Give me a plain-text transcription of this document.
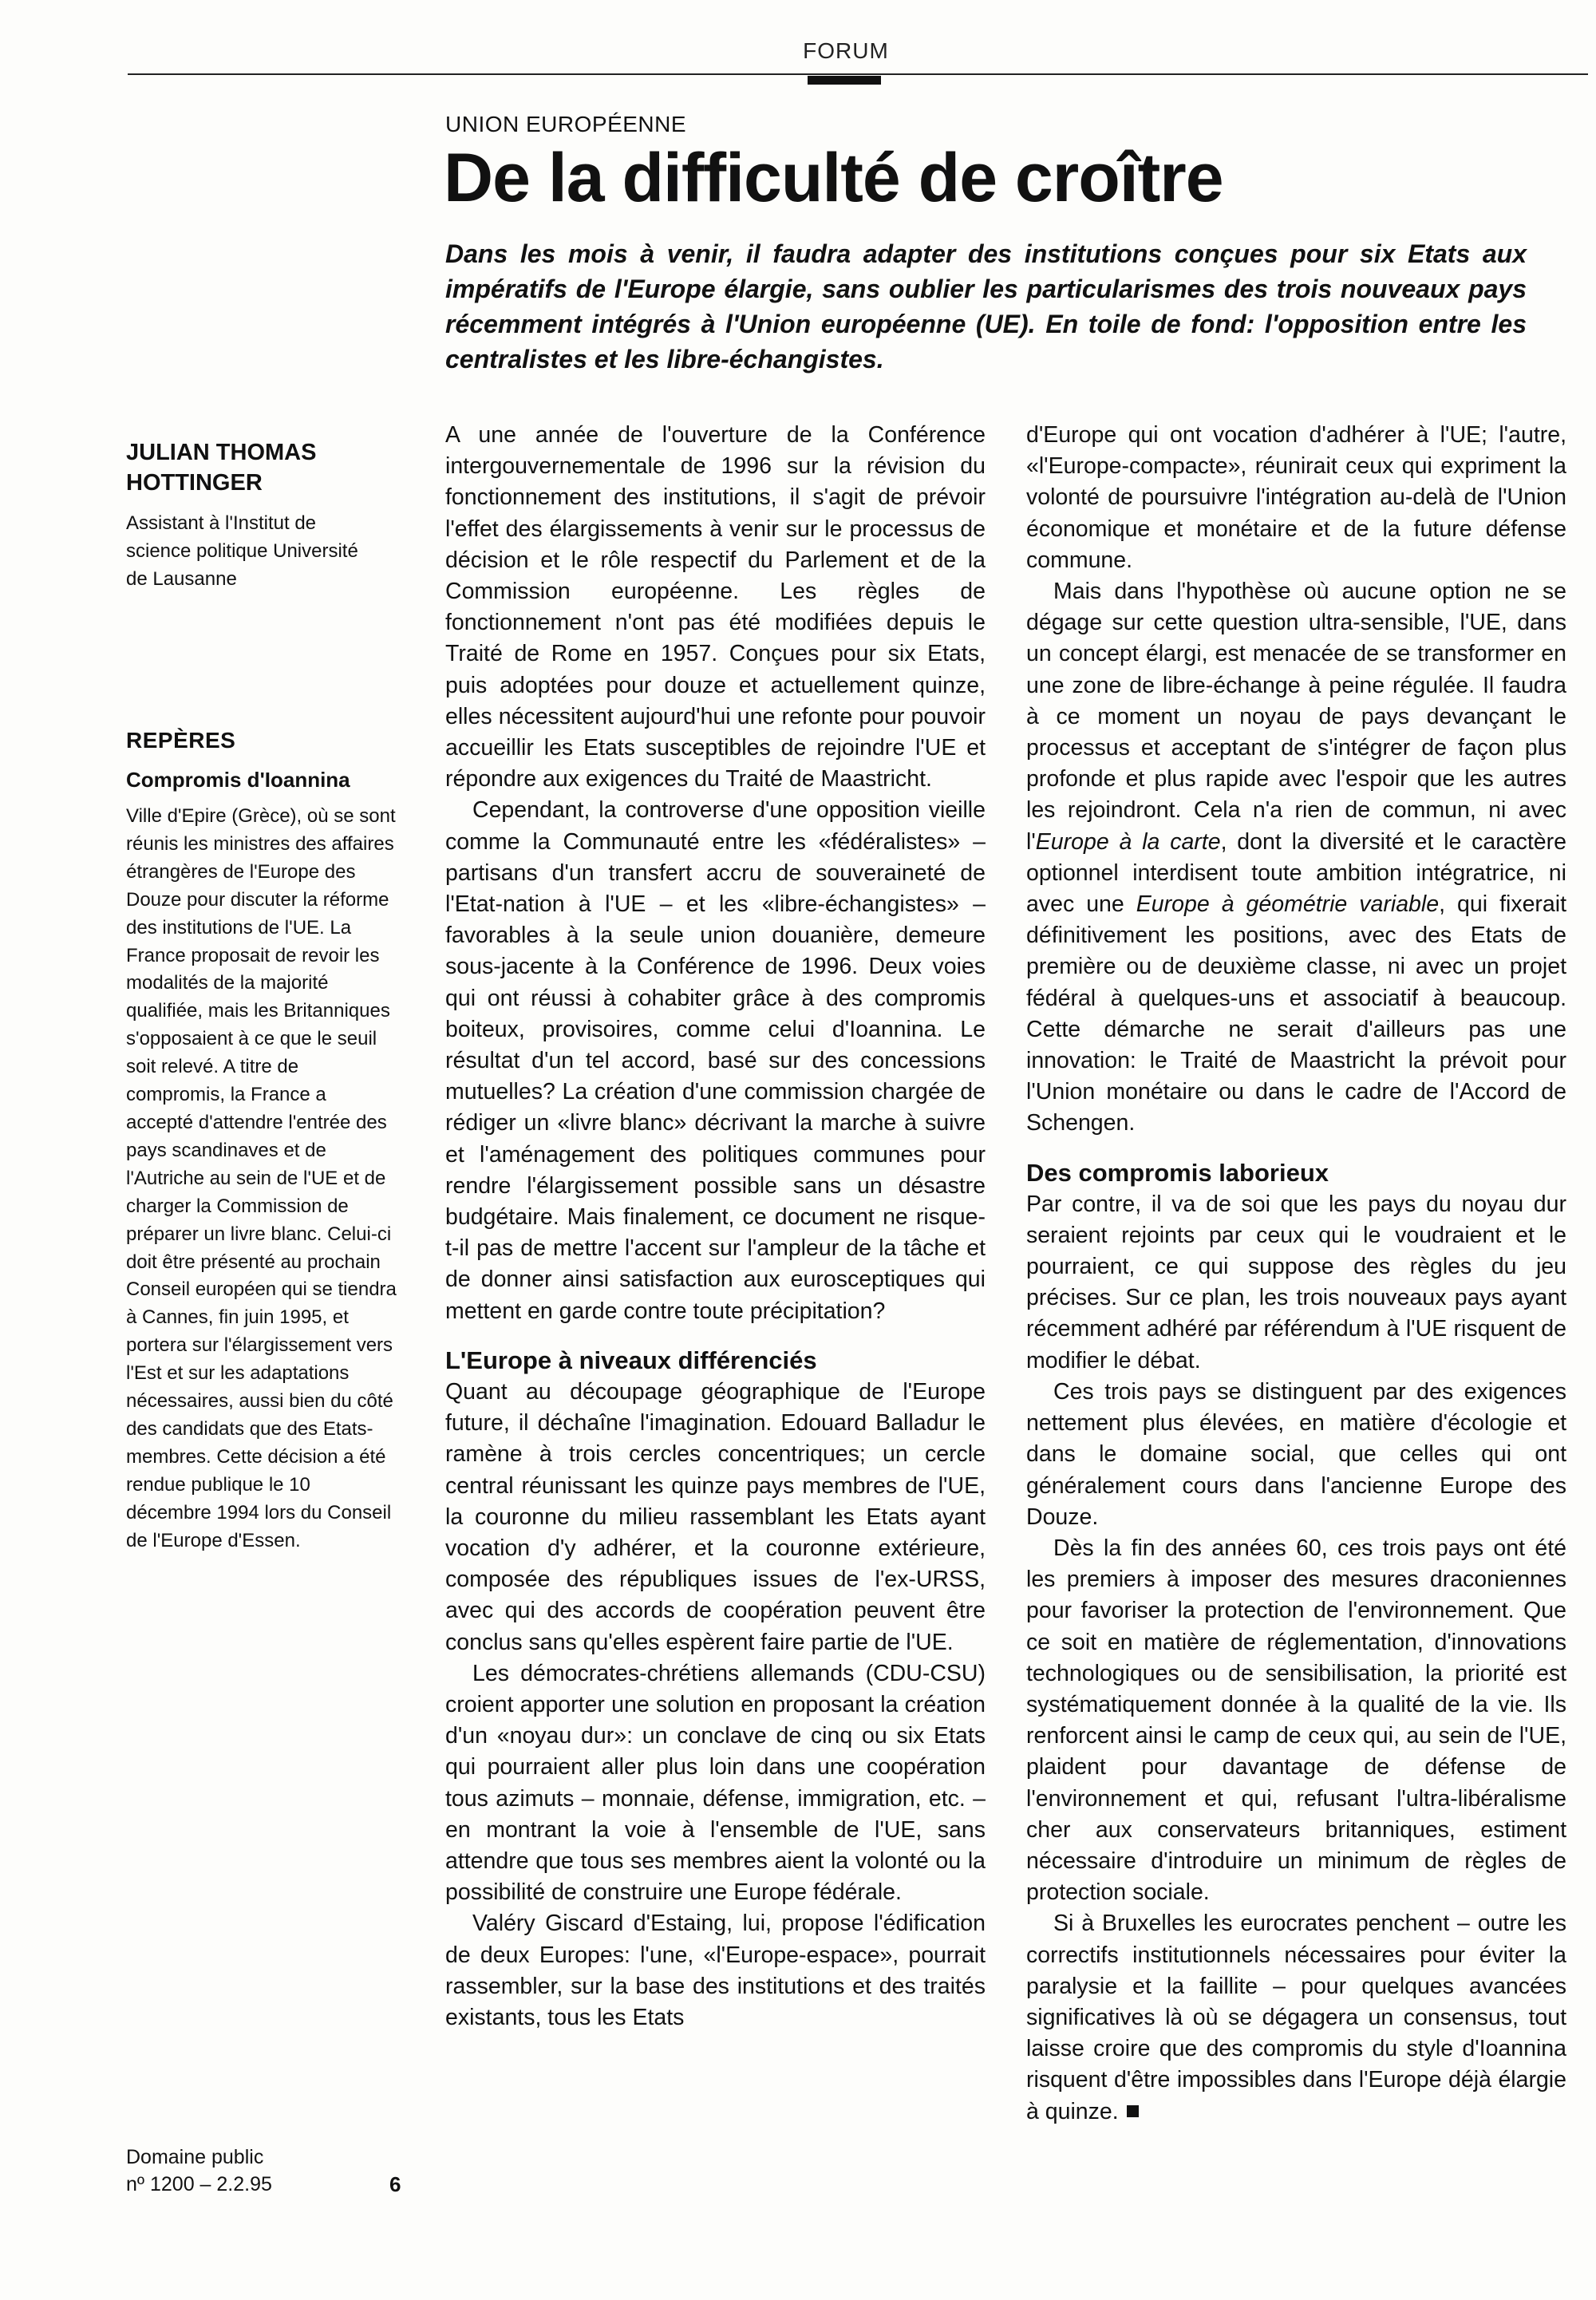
FORUM
UNION EUROPÉENNE
De la difficulté de croître

Dans les mois à venir, il faudra adapter des institutions conçues pour six Etats aux impératifs de l'Europe élargie, sans oublier les particularismes des trois nouveaux pays récemment intégrés à l'Union européenne (UE). En toile de fond: l'opposition entre les centralistes et les libre-échangistes.

JULIAN THOMAS HOTTINGER

Assistant à l'Institut de science politique Université de Lausanne

REPÈRES
Compromis d'Ioannina

Ville d'Epire (Grèce), où se sont réunis les ministres des affaires étrangères de l'Europe des Douze pour discuter la réforme des institutions de l'UE. La France proposait de revoir les modalités de la majorité qualifiée, mais les Britanniques s'opposaient à ce que le seuil soit relevé. A titre de compromis, la France a accepté d'attendre l'entrée des pays scandinaves et de l'Autriche au sein de l'UE et de charger la Commission de préparer un livre blanc. Celui-ci doit être présenté au prochain Conseil européen qui se tiendra à Cannes, fin juin 1995, et portera sur l'élargissement vers l'Est et sur les adaptations nécessaires, aussi bien du côté des candidats que des Etats-membres. Cette décision a été rendue publique le 10 décembre 1994 lors du Conseil de l'Europe d'Essen.

Domaine public

nº 1200 – 2.2.95	6

A une année de l'ouverture de la Conférence intergouvernementale de 1996 sur la révision du fonctionnement des institutions, il s'agit de prévoir l'effet des élargissements à venir sur le processus de décision et le rôle respectif du Parlement et de la Commission européenne. Les règles de fonctionnement n'ont pas été modifiées depuis le Traité de Rome en 1957. Conçues pour six Etats, puis adoptées pour douze et actuellement quinze, elles nécessitent aujourd'hui une refonte pour pouvoir accueillir les Etats susceptibles de rejoindre l'UE et répondre aux exigences du Traité de Maastricht.

Cependant, la controverse d'une opposition vieille comme la Communauté entre les «fédéralistes» – partisans d'un transfert accru de souveraineté de l'Etat-nation à l'UE – et les «libre-échangistes» – favorables à la seule union douanière, demeure sous-jacente à la Conférence de 1996. Deux voies qui ont réussi à cohabiter grâce à des compromis boiteux, provisoires, comme celui d'Ioannina. Le résultat d'un tel accord, basé sur des concessions mutuelles? La création d'une commission chargée de rédiger un «livre blanc» décrivant la marche à suivre et l'aménagement des politiques communes pour rendre l'élargissement possible sans un désastre budgétaire. Mais finalement, ce document ne risque-t-il pas de mettre l'accent sur l'ampleur de la tâche et de donner ainsi satisfaction aux eurosceptiques qui mettent en garde contre toute précipitation?

L'Europe à niveaux différenciés

Quant au découpage géographique de l'Europe future, il déchaîne l'imagination. Edouard Balladur le ramène à trois cercles concentriques; un cercle central réunissant les quinze pays membres de l'UE, la couronne du milieu rassemblant les Etats ayant vocation d'y adhérer, et la couronne extérieure, composée des républiques issues de l'ex-URSS, avec qui des accords de coopération peuvent être conclus sans qu'elles espèrent faire partie de l'UE.

Les démocrates-chrétiens allemands (CDU-CSU) croient apporter une solution en proposant la création d'un «noyau dur»: un conclave de cinq ou six Etats qui pourraient aller plus loin dans une coopération tous azimuts – monnaie, défense, immigration, etc. – en montrant la voie à l'ensemble de l'UE, sans attendre que tous ses membres aient la volonté ou la possibilité de construire une Europe fédérale.

Valéry Giscard d'Estaing, lui, propose l'édification de deux Europes: l'une, «l'Europe-espace», pourrait rassembler, sur la base des institutions et des traités existants, tous les Etats

d'Europe qui ont vocation d'adhérer à l'UE; l'autre, «l'Europe-compacte», réunirait ceux qui expriment la volonté de poursuivre l'intégration au-delà de l'Union économique et monétaire et de la future défense commune.

Mais dans l'hypothèse où aucune option ne se dégage sur cette question ultra-sensible, l'UE, dans un concept élargi, est menacée de se transformer en une zone de libre-échange à peine régulée. Il faudra à ce moment un noyau de pays devançant le processus et acceptant de s'intégrer de façon plus profonde et plus rapide avec l'espoir que les autres les rejoindront. Cela n'a rien de commun, ni avec l'Europe à la carte, dont la diversité et le caractère optionnel interdisent toute ambition intégratrice, ni avec une Europe à géométrie variable, qui fixerait définitivement les positions, avec des Etats de première ou de deuxième classe, ni avec un projet fédéral à quelques-uns et associatif à beaucoup. Cette démarche ne serait d'ailleurs pas une innovation: le Traité de Maastricht la prévoit pour l'Union monétaire ou dans le cadre de l'Accord de Schengen.

Des compromis laborieux

Par contre, il va de soi que les pays du noyau dur seraient rejoints par ceux qui le voudraient et le pourraient, ce qui suppose des règles du jeu précises. Sur ce plan, les trois nouveaux pays ayant récemment adhéré par référendum à l'UE risquent de modifier le débat.

Ces trois pays se distinguent par des exigences nettement plus élevées, en matière d'écologie et dans le domaine social, que celles qui ont généralement cours dans l'ancienne Europe des Douze.

Dès la fin des années 60, ces trois pays ont été les premiers à imposer des mesures draconiennes pour favoriser la protection de l'environnement. Que ce soit en matière de réglementation, d'innovations technologiques ou de sensibilisation, la priorité est systématiquement donnée à la qualité de la vie. Ils renforcent ainsi le camp de ceux qui, au sein de l'UE, plaident pour davantage de défense de l'environnement et qui, refusant l'ultra-libéralisme cher aux conservateurs britanniques, estiment nécessaire d'introduire un minimum de règles de protection sociale.

Si à Bruxelles les eurocrates penchent – outre les correctifs institutionnels nécessaires pour éviter la paralysie et la faillite – pour quelques avancées significatives là où se dégagera un consensus, tout laisse croire que des compromis du style d'Ioannina risquent d'être impossibles dans l'Europe déjà élargie à quinze.
